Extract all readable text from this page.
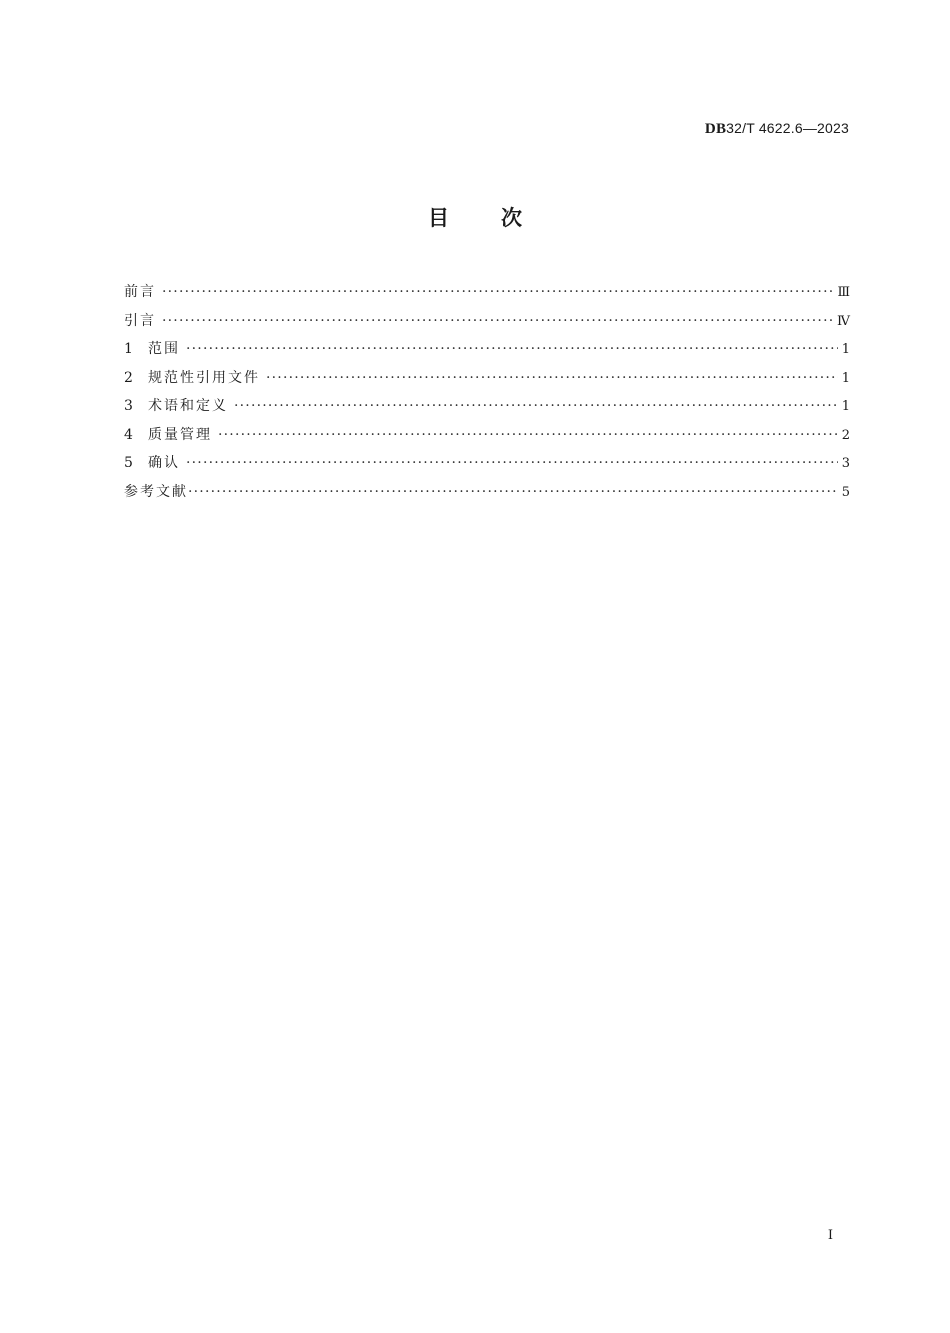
DB32/T 4622.6—2023
目 次
前言 ·····	Ⅲ
引言 ·····	Ⅳ
1	范围 ·····	1
2	规范性引用文件 ·····	1
3	术语和定义 ·····	1
4	质量管理 ·····	2
5	确认 ·····	3
参考文献 ·····	5
I
